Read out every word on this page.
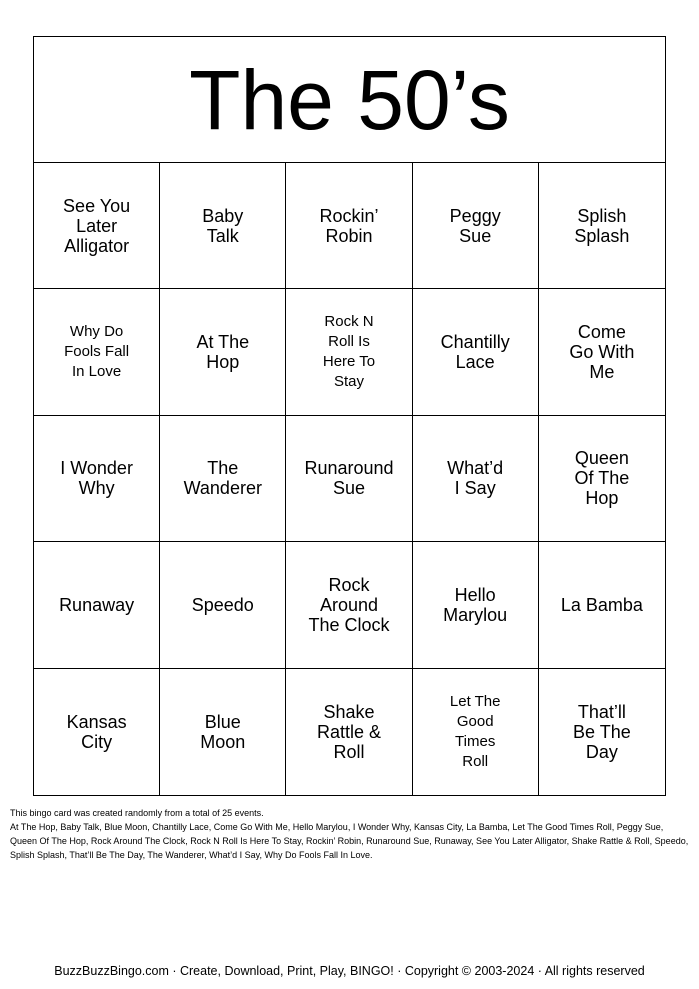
The 50’s
See You
Later
Alligator
Baby
Talk
Rockin’
Robin
Peggy
Sue
Splish
Splash
Why Do
Fools Fall
In Love
At The
Hop
Rock N
Roll Is
Here To
Stay
Chantilly
Lace
Come
Go With
Me
I Wonder
Why
The
Wanderer
Runaround
Sue
What’d
I Say
Queen
Of The
Hop
Runaway	Speedo
Rock
Around
The Clock
Hello
Marylou	La Bamba
Kansas
City
Blue
Moon
Shake
Rattle &
Roll
Let The
Good
Times
Roll
That’ll
Be The
Day
This bingo card was created randomly from a total of 25 events.
At The Hop, Baby Talk, Blue Moon, Chantilly Lace, Come Go With Me, Hello Marylou, I Wonder Why, Kansas City, La Bamba, Let The Good Times Roll, Peggy Sue, Queen Of The Hop, Rock Around The Clock, Rock N Roll Is Here To Stay, Rockin’ Robin, Runaround Sue, Runaway, See You Later Alligator, Shake Rattle & Roll, Speedo, Splish Splash, That’ll Be The Day, The Wanderer, What’d I Say, Why Do Fools Fall In Love.
BuzzBuzzBingo.com · Create, Download, Print, Play, BINGO! · Copyright © 2003-2024 · All rights reserved
